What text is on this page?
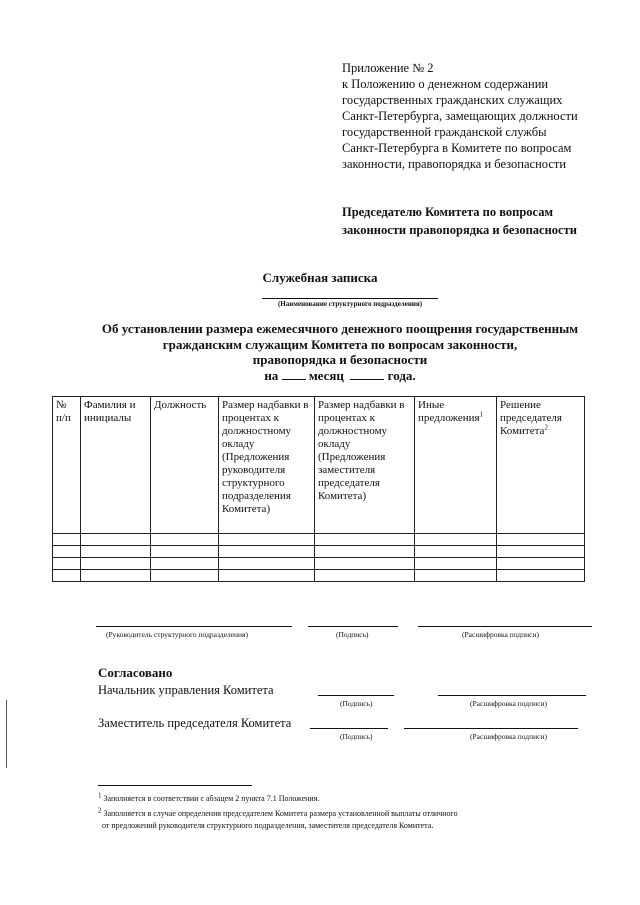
Приложение № 2
к Положению о денежном содержании
государственных гражданских служащих
Санкт-Петербурга, замещающих должности
государственной гражданской службы
Санкт-Петербурга в Комитете по вопросам
законности, правопорядка и безопасности
Председателю Комитета по вопросам
законности правопорядка и безопасности
Служебная записка
(Наименование структурного подразделения)
Об установлении размера ежемесячного денежного поощрения государственным
гражданским служащим Комитета по вопросам законности,
правопорядка и безопасности
на месяц	года.
№ п/п	Фамилия и инициалы	Должность	Размер надбавки в процентах к должностному окладу (Предложения руководителя структурного подразделения Комитета)	Размер надбавки в процентах к должностному окладу (Предложения заместителя председателя Комитета)	Иные предложения$^1$	Решение председателя Комитета$^2$

(Руководитель структурного подразделения)	(Подпись)	(Расшифровка подписи)
Согласовано
Начальник управления Комитета
(Подпись)	(Расшифровка подписи)
Заместитель председателя Комитета
(Подпись)	(Расшифровка подписи)
$^1$ Заполняется в соответствии с абзацем 2 пункта 7.1 Положения.
$^2$ Заполняется в случае определения председателем Комитета размера установленной выплаты отличного
от предложений руководителя структурного подразделения, заместителя председателя Комитета.
